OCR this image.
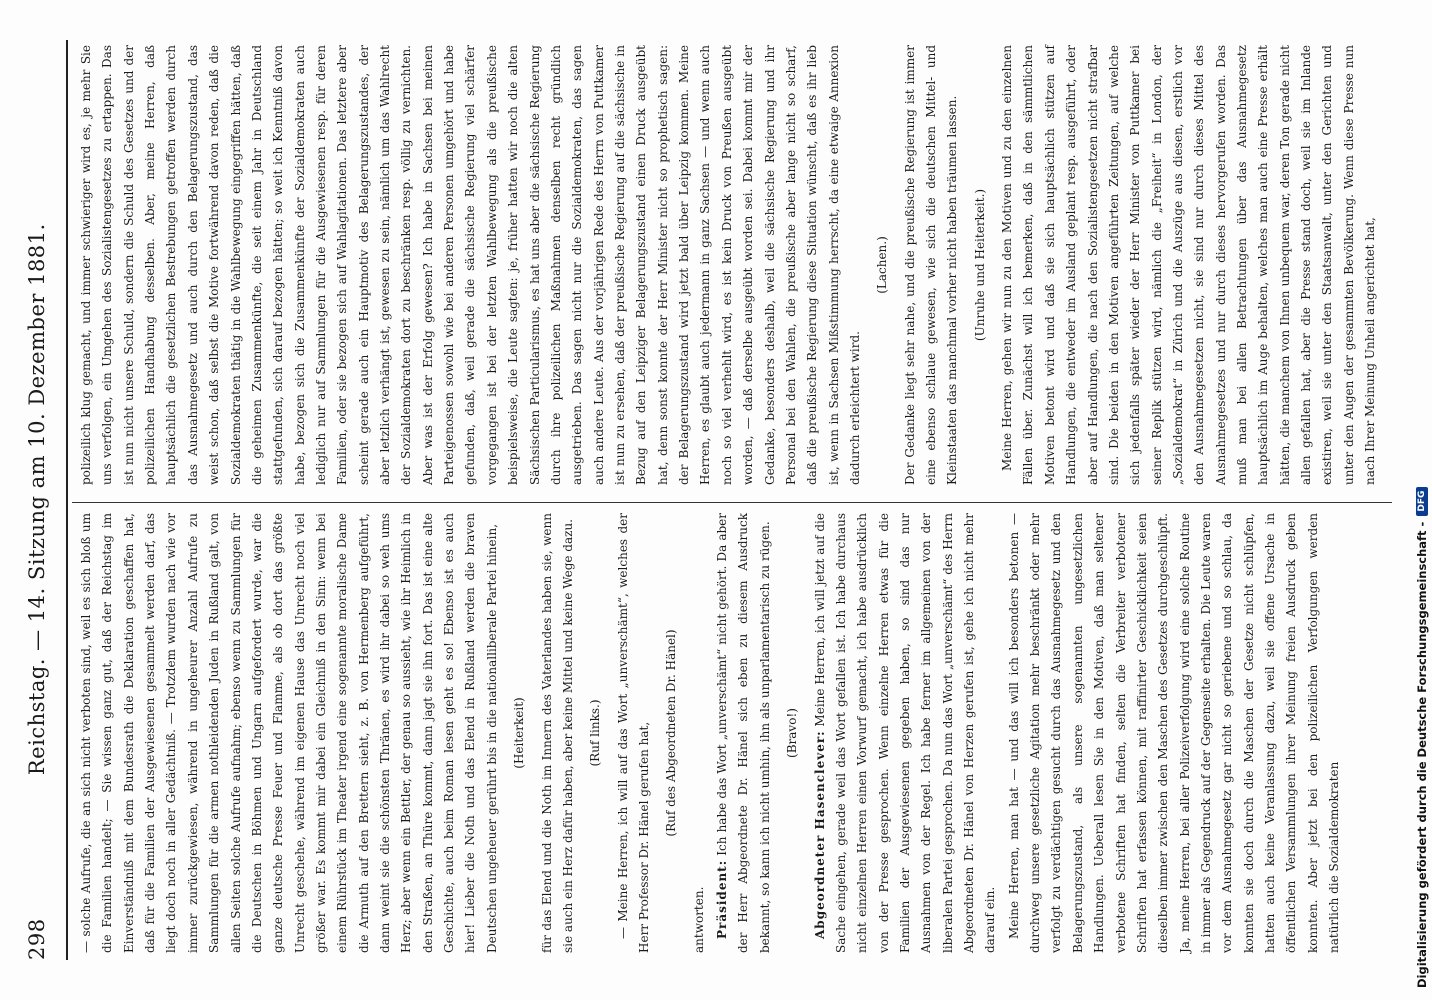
298
Reichstag. — 14. Sitzung am 10. Dezember 1881.	— solche Aufrufe, die an sich nicht verboten sind, weil es sich bloß um die Familien handelt; — Sie wissen ganz gut, daß der Reichstag im Einverständniß mit dem Bundesrath die Deklaration geschaffen hat, daß für die Familien der Ausgewiesenen gesammelt werden darf, das liegt doch noch in aller Gedächtniß. — Trotzdem wurden nach wie vor immer zurückgewiesen, während in ungeheurer Anzahl Aufrufe zu Sammlungen für die armen nothleidenden Juden in Rußland galt, von allen Seiten solche Aufrufe aufnahm; ebenso wenn zu Sammlungen für die Deutschen in Böhmen und Ungarn aufgefordert wurde, war die ganze deutsche Presse Feuer und Flamme, als ob dort das größte Unrecht geschehe, während im eigenen Hause das Unrecht noch viel größer war. Es kommt mir dabei ein Gleichniß in den Sinn: wenn bei einem Rührstück im Theater irgend eine sogenannte moralische Dame die Armuth auf den Brettern sieht, z. B. von Hermenberg aufgeführt, dann weint sie die schönsten Thränen, es wird ihr dabei so weh ums Herz; aber wenn ein Bettler, der genau so aussieht, wie ihr Heimlich in den Straßen, an Thüre kommt, dann jagt sie ihn fort. Das ist eine alte Geschichte, auch beim Roman lesen geht es so! Ebenso ist es auch hier! Lieber die Noth und das Elend in Rußland werden die braven Deutschen ungeheuer gerührt bis in die nationalliberale Partei hinein,	(Heiterkeit)	für das Elend und die Noth im Innern des Vaterlandes haben sie, wenn sie auch ein Herz dafür haben, aber keine Mittel und keine Wege dazu.	(Ruf links.)	— Meine Herren, ich will auf das Wort „unverschämt“, welches der Herr Professor Dr. Hänel gerufen hat,	(Ruf des Abgeordneten Dr. Hänel)

antworten. Präsident: Ich habe das Wort „unverschämt“ nicht gehört. Da aber der Herr Abgeordnete Dr. Hänel sich eben zu diesem Ausdruck bekannt, so kann ich nicht umhin, ihn als unparlamentarisch zu rügen.	(Bravo!)	Abgeordneter Hasenclever: Meine Herren, ich will jetzt auf die Sache eingehen, gerade weil das Wort gefallen ist. Ich habe durchaus nicht einzelnen Herren einen Vorwurf gemacht, ich habe ausdrücklich von der Presse gesprochen. Wenn einzelne Herren etwas für die Familien der Ausgewiesenen gegeben haben, so sind das nur Ausnahmen von der Regel. Ich habe ferner im allgemeinen von der liberalen Partei gesprochen. Da nun das Wort „unverschämt“ des Herrn Abgeordneten Dr. Hänel von Herzen gerufen ist, gehe ich nicht mehr darauf ein. Meine Herren, man hat — und das will ich besonders betonen — durchweg unsere gesetzliche Agitation mehr beschränkt oder mehr verfolgt zu verdächtigen gesucht durch das Ausnahmegesetz und den Belagerungszustand, als unsere sogenannten ungesetzlichen Handlungen. Ueberall lesen Sie in den Motiven, daß man seltener verbotene Schriften hat finden, selten die Verbreiter verbotener Schriften hat erfassen können, mit raffinirter Geschicklichkeit seien dieselben immer zwischen den Maschen des Gesetzes durchgeschlüpft. Ja, meine Herren, bei aller Polizeiverfolgung wird eine solche Routine in immer als Gegendruck auf der Gegenseite erhalten. Die Leute waren vor dem Ausnahmegesetz gar nicht so geriebene und so schlau, da konnten sie doch durch die Maschen der Gesetze nicht schlüpfen, hatten auch keine Veranlassung dazu, weil sie offene Ursache in öffentlichen Versammlungen ihrer Meinung freien Ausdruck geben konnten. Aber jetzt bei den polizeilichen Verfolgungen werden natürlich die Sozialdemokraten

polizeilich klug gemacht, und immer schwieriger wird es, je mehr Sie uns verfolgen, ein Umgehen des Sozialistengesetzes zu ertappen. Das ist nun nicht unsere Schuld, sondern die Schuld des Gesetzes und der polizeilichen Handhabung desselben. Aber, meine Herren, daß hauptsächlich die gesetzlichen Bestrebungen getroffen werden durch das Ausnahmegesetz und auch durch den Belagerungszustand, das weist schon, daß selbst die Motive fortwährend davon reden, daß die Sozialdemokraten thätig in die Wahlbewegung eingegriffen hätten, daß die geheimen Zusammenkünfte, die seit einem Jahr in Deutschland stattgefunden, sich darauf bezogen hätten; so weit ich Kenntniß davon habe, bezogen sich die Zusammenkünfte der Sozialdemokraten auch lediglich nur auf Sammlungen für die Ausgewiesenen resp. für deren Familien, oder sie bezogen sich auf Wahlagitationen. Das letztere aber scheint gerade auch ein Hauptmotiv des Belagerungszustandes, der aber letzlich verhängt ist, gewesen zu sein, nämlich um das Wahlrecht der Sozialdemokraten dort zu beschränken resp. völlig zu vernichten. Aber was ist der Erfolg gewesen? Ich habe in Sachsen bei meinen Parteigenossen sowohl wie bei anderen Personen umgehört und habe gefunden, daß, weil gerade die sächsische Regierung viel schärfer vorgegangen ist bei der letzten Wahlbewegung als die preußische beispielsweise, die Leute sagten: je, früher hatten wir noch die alten Sächsischen Particularismus, es hat uns aber die sächsische Regierung durch ihre polizeilichen Maßnahmen denselben recht gründlich ausgetrieben. Das sagen nicht nur die Sozialdemokraten, das sagen auch andere Leute. Aus der vorjährigen Rede des Herrn von Puttkamer ist nun zu ersehen, daß der preußische Regierung auf die sächsische in Bezug auf den Leipziger Belagerungszustand einen Druck ausgeübt hat, denn sonst konnte der Herr Minister nicht so prophetisch sagen: der Belagerungszustand wird jetzt bald über Leipzig kommen. Meine Herren, es glaubt auch jedermann in ganz Sachsen — und wenn auch noch so viel verhehlt wird, es ist kein Druck von Preußen ausgeübt worden, — daß derselbe ausgeübt worden sei. Dabei kommt mir der Gedanke, besonders deshalb, weil die sächsische Regierung und ihr Personal bei den Wahlen, die preußische aber lange nicht so scharf, daß die preußische Regierung diese Situation wünscht, daß es ihr lieb ist, wenn in Sachsen Mißstimmung herrscht, da eine etwaige Annexion dadurch erleichtert wird.

(Lachen.)	Der Gedanke liegt sehr nahe, und die preußische Regierung ist immer eine ebenso schlaue gewesen, wie sich die deutschen Mittel- und Kleinstaaten das manchmal vorher nicht haben träumen lassen.	(Unruhe und Heiterkeit.)	Meine Herren, gehen wir nun zu den Motiven und zu den einzelnen Fällen über. Zunächst will ich bemerken, daß in den sämmtlichen Motiven betont wird und daß sie sich hauptsächlich stützen auf Handlungen, die entweder im Ausland geplant resp. ausgeführt, oder aber auf Handlungen, die nach den Sozialistengesetzen nicht strafbar sind. Die beiden in den Motiven angeführten Zeitungen, auf welche sich jedenfalls später wieder der Herr Minister von Puttkamer bei seiner Replik stützen wird, nämlich die „Freiheit“ in London, der „Sozialdemokrat“ in Zürich und die Auszüge aus diesen, erstlich vor den Ausnahmegesetzen nicht, sie sind nur durch dieses Mittel des Ausnahmegesetzes und nur durch dieses hervorgerufen worden. Das muß man bei allen Betrachtungen über das Ausnahmegesetz hauptsächlich im Auge behalten, welches man auch eine Presse erhält hätten, die manchem von Ihnen unbequem war, deren Ton gerade nicht allen gefallen hat, aber die Presse stand doch, weil sie im Inlande existiren, weil sie unter den Staatsanwalt, unter den Gerichten und unter den Augen der gesammten Bevölkerung. Wenn diese Presse nun nach Ihrer Meinung Unheil angerichtet hat,

Digitalisierung gefördert durch die Deutsche Forschungsgemeinschaft -
DFG
